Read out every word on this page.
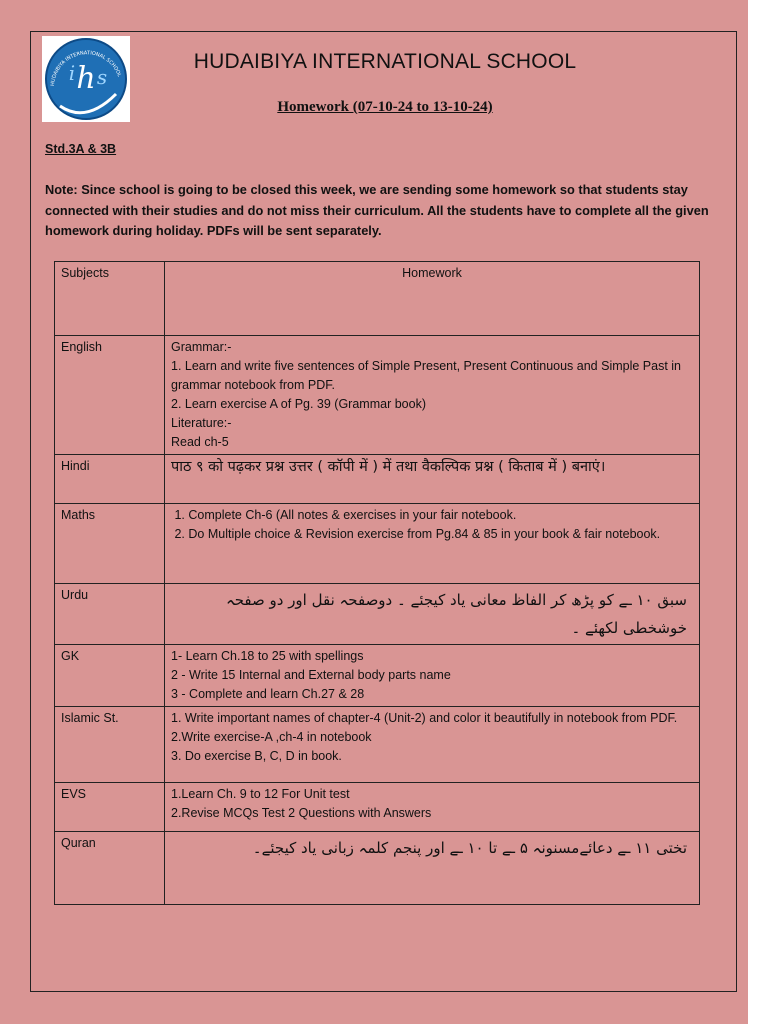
h
i s
HUDAIBIYA INTERNATIONAL SCHOOL
HUDAIBIYA INTERNATIONAL SCHOOL
Homework (07-10-24 to 13-10-24)
Std.3A & 3B
Note: Since school is going to be closed this week, we are sending some homework so that students stay connected with their studies and do not miss their curriculum. All the students have to complete all the given homework during holiday. PDFs will be sent separately.
Subjects	Homework
English	Grammar:-
1. Learn and write five sentences of Simple Present, Present Continuous and Simple Past in grammar notebook from PDF.
2. Learn exercise A of Pg. 39 (Grammar book)
Literature:-
Read ch-5

Hindi	पाठ ९ को पढ़कर प्रश्न उत्तर ( कॉपी में ) में तथा वैकल्पिक प्रश्न ( किताब में ) बनाएं।

Maths	1. Complete Ch-6 (All notes & exercises in your fair notebook.
2. Do Multiple choice & Revision exercise from Pg.84 & 85 in your book & fair notebook.

Urdu	سبق ۱۰ ـے کو پڑھ کر الفاظ معانی یاد کیجئے ۔ دوصفحہ نقل اور دو صفحہ خوشخطی لکھئے ۔

GK	1- Learn Ch.18 to 25 with spellings
2 - Write 15 Internal and External body parts name
3 - Complete and learn Ch.27 & 28

Islamic St.	1. Write important names of chapter-4 (Unit-2) and color it beautifully in notebook from PDF.
2.Write exercise-A ,ch-4 in notebook
3. Do exercise B, C, D in book.

EVS	1.Learn Ch. 9 to 12 For Unit test
2.Revise MCQs Test 2 Questions with Answers

Quran	تختی ۱۱ ـے دعائےمسنونہ ۵ ـے تا ۱۰ ـے اور پنجم کلمہ زبانی یاد کیجئے۔
